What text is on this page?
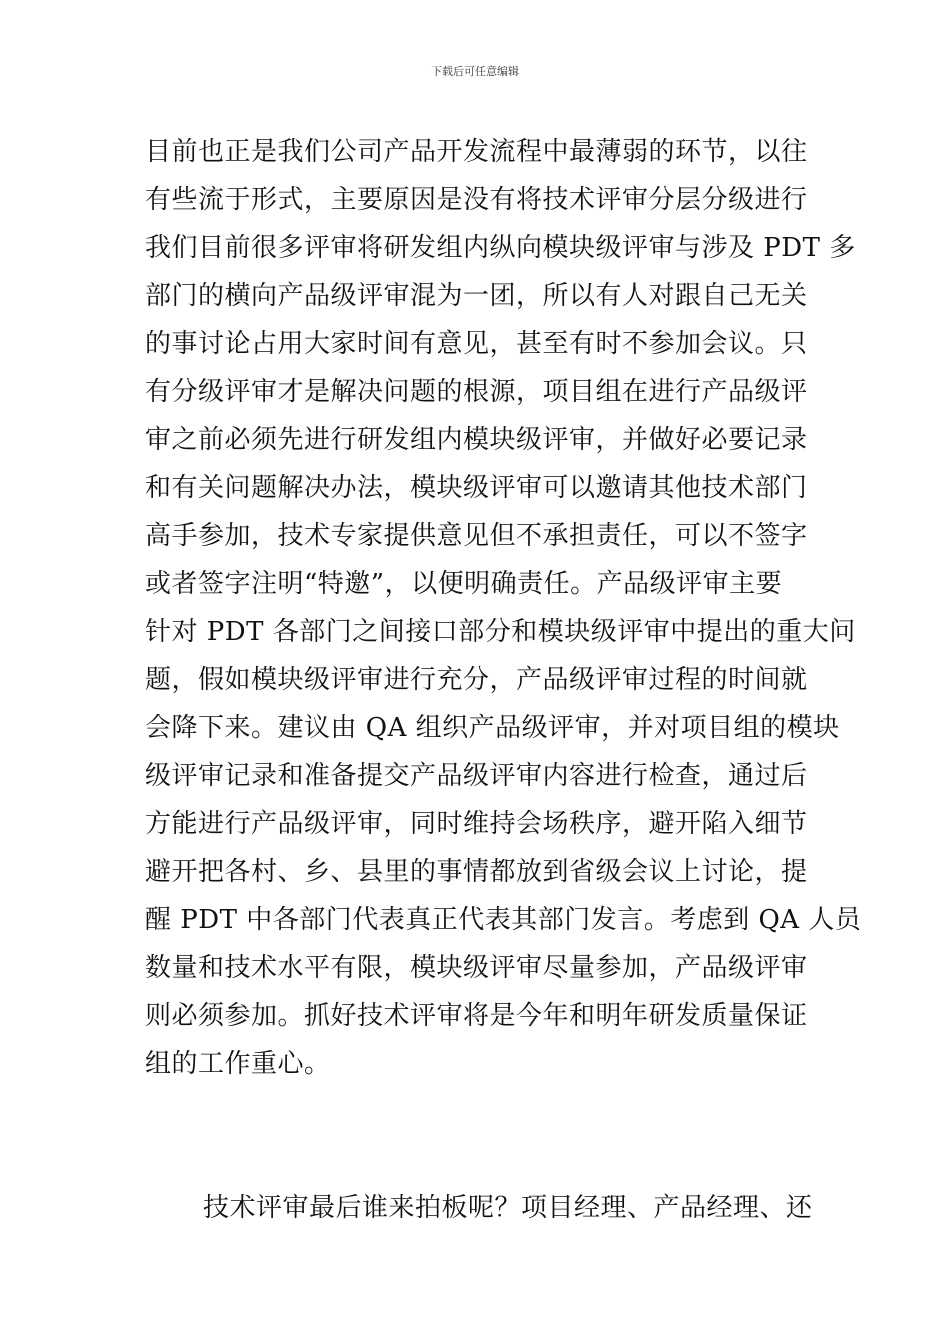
下载后可任意编辑
目前也正是我们公司产品开发流程中最薄弱的环节，以往
有些流于形式，主要原因是没有将技术评审分层分级进行
我们目前很多评审将研发组内纵向模块级评审与涉及 PDT 多
部门的横向产品级评审混为一团，所以有人对跟自己无关
的事讨论占用大家时间有意见，甚至有时不参加会议。只
有分级评审才是解决问题的根源，项目组在进行产品级评
审之前必须先进行研发组内模块级评审，并做好必要记录
和有关问题解决办法，模块级评审可以邀请其他技术部门
高手参加，技术专家提供意见但不承担责任，可以不签字
或者签字注明“特邀”，以便明确责任。产品级评审主要
针对 PDT 各部门之间接口部分和模块级评审中提出的重大问
题，假如模块级评审进行充分，产品级评审过程的时间就
会降下来。建议由 QA 组织产品级评审，并对项目组的模块
级评审记录和准备提交产品级评审内容进行检查，通过后
方能进行产品级评审，同时维持会场秩序，避开陷入细节
避开把各村、乡、县里的事情都放到省级会议上讨论，提
醒 PDT 中各部门代表真正代表其部门发言。考虑到 QA 人员
数量和技术水平有限，模块级评审尽量参加，产品级评审
则必须参加。抓好技术评审将是今年和明年研发质量保证
组的工作重心。
技术评审最后谁来拍板呢？项目经理、产品经理、还
